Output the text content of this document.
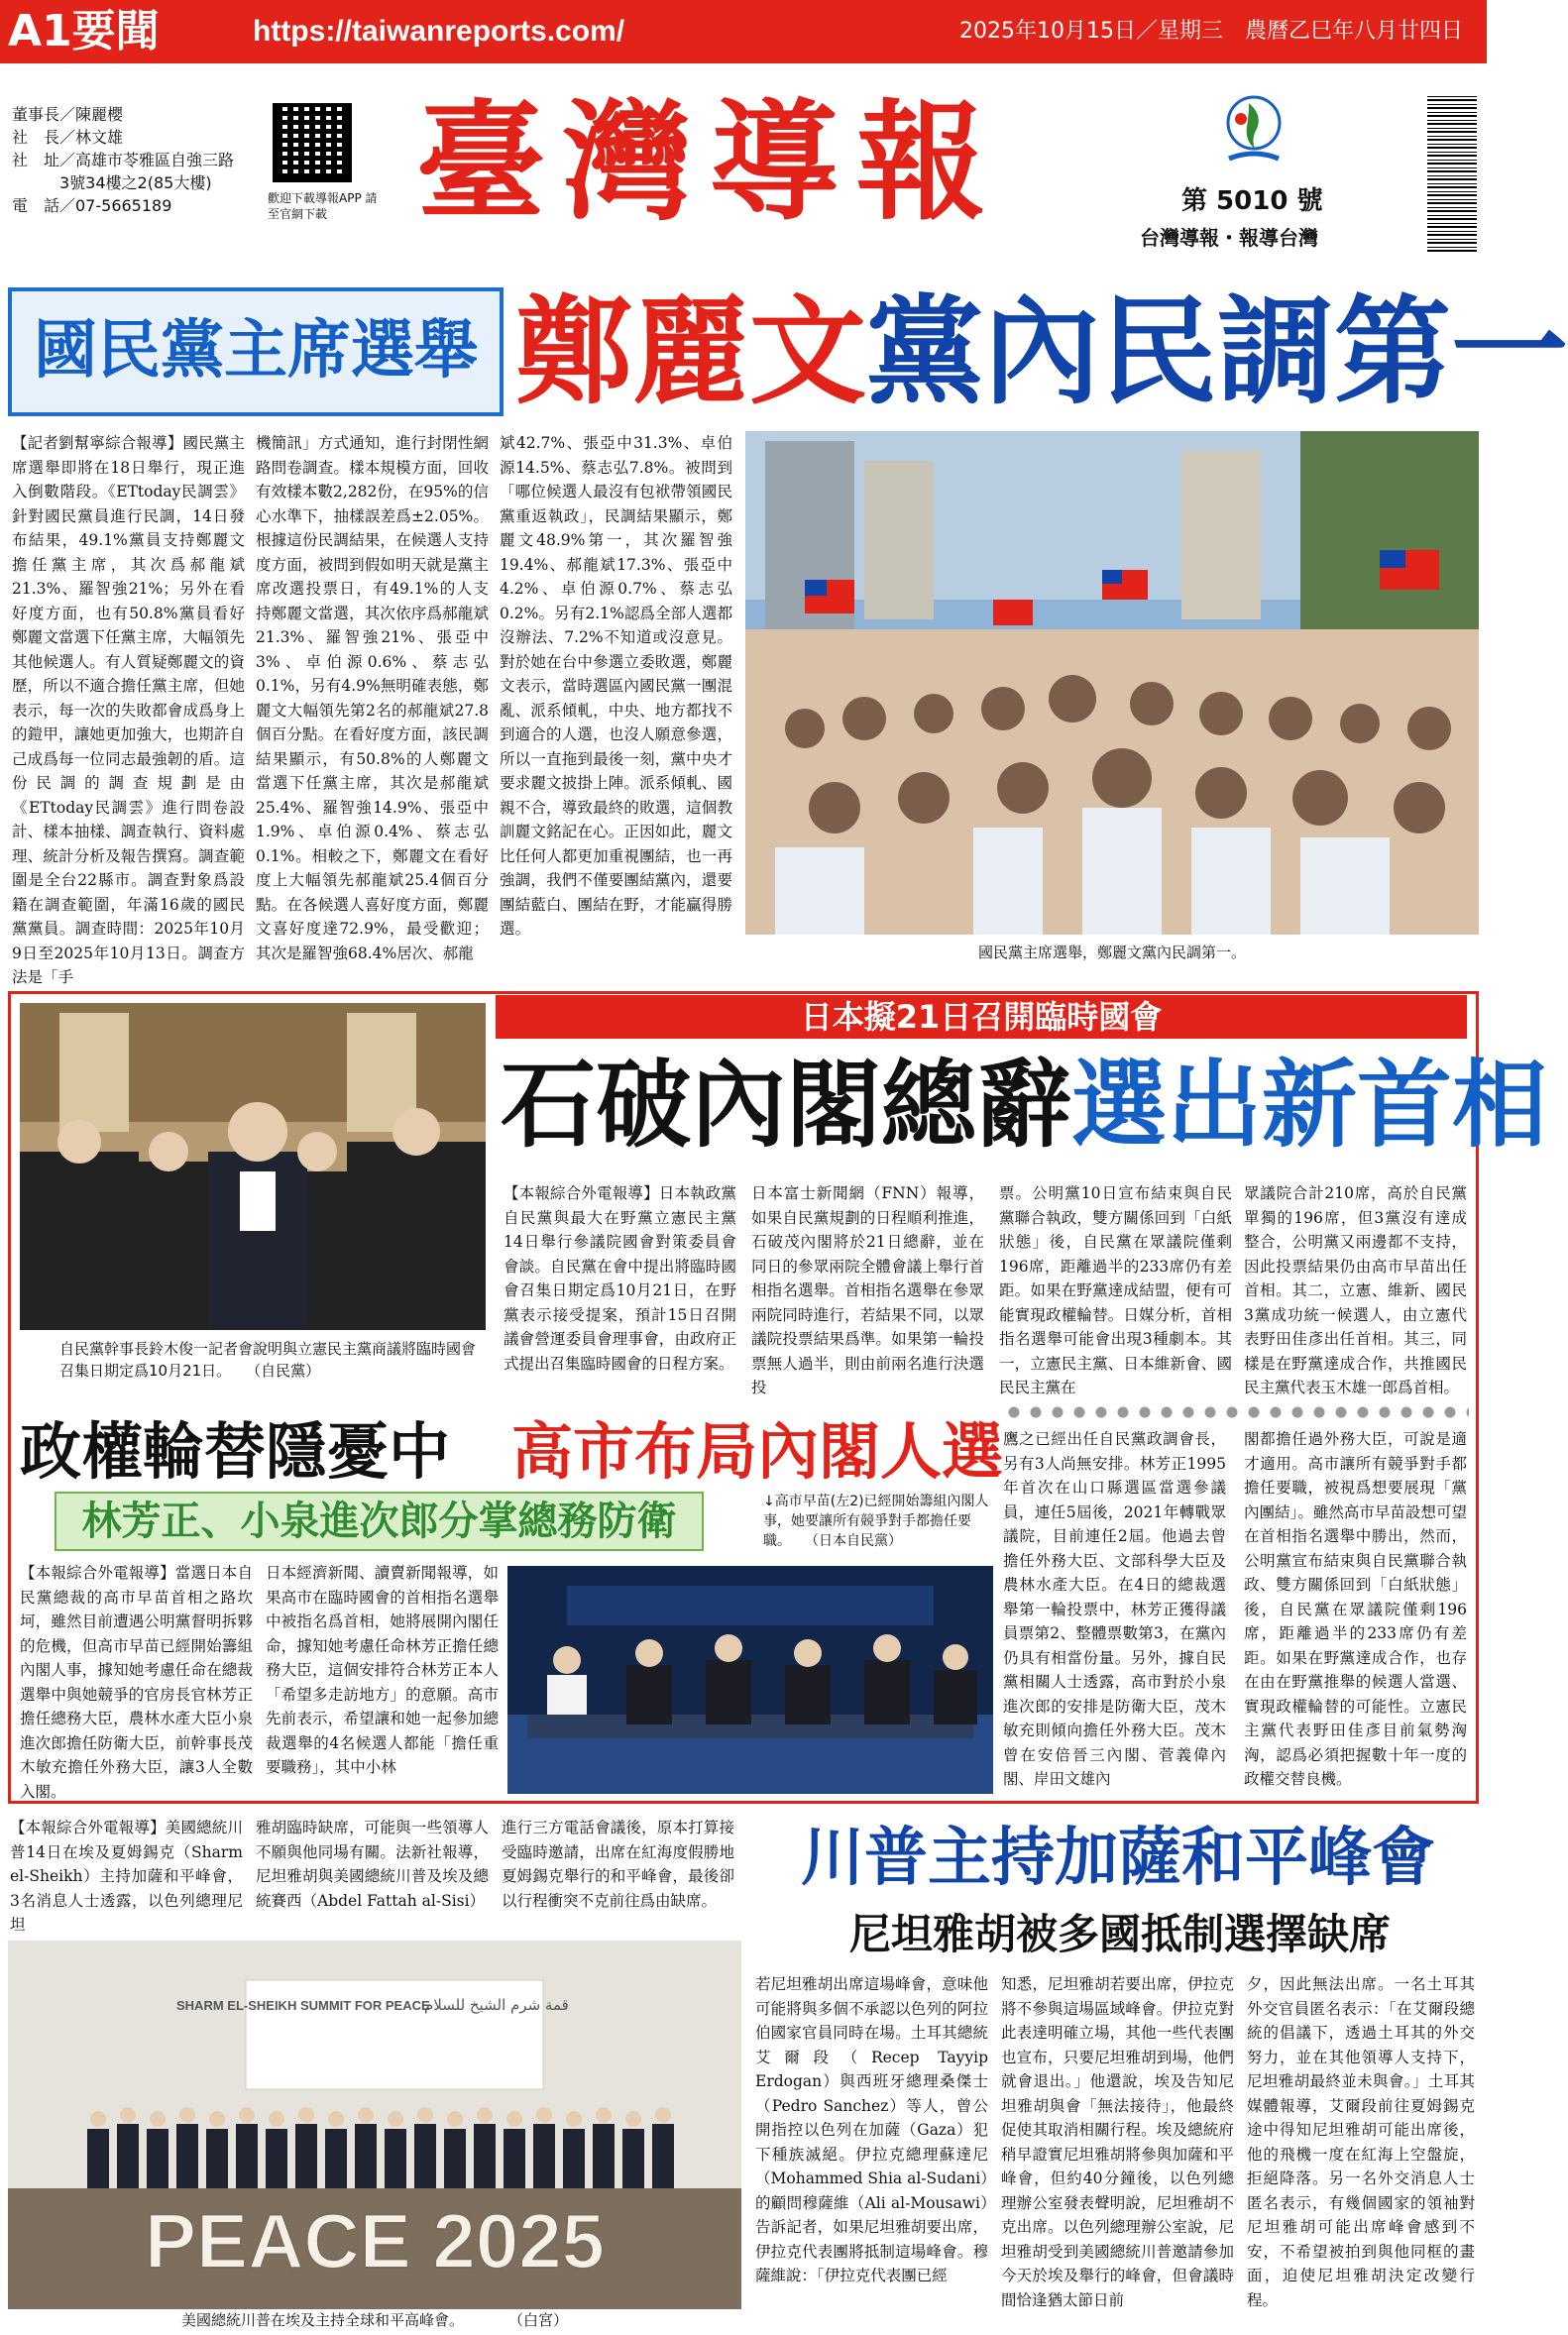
A1要聞	https://taiwanreports.com/	2025年10月15日／星期三　農曆乙巳年八月廿四日
董事長／陳麗櫻
社　長／林文雄
社　址／高雄市苓雅區自強三路
　　　3號34樓之2(85大樓)
電　話／07-5665189	歡迎下載導報APP 請至官網下載 臺灣導報	第 5010 號
台灣導報・報導台灣
國民黨主席選舉 鄭麗文黨內民調第一
【記者劉幫寧綜合報導】國民黨主席選舉即將在18日舉行，現正進入倒數階段。《ETtoday民調雲》針對國民黨員進行民調，14日發布結果，49.1%黨員支持鄭麗文擔任黨主席，其次爲郝龍斌21.3%、羅智強21%；另外在看好度方面，也有50.8%黨員看好鄭麗文當選下任黨主席，大幅領先其他候選人。有人質疑鄭麗文的資歷，所以不適合擔任黨主席，但她表示，每一次的失敗都會成爲身上的鎧甲，讓她更加強大，也期許自己成爲每一位同志最強韌的盾。這份民調的調查規劃是由《ETtoday民調雲》進行問卷設計、樣本抽樣、調查執行、資料處理、統計分析及報告撰寫。調查範圍是全台22縣市。調查對象爲設籍在調查範圍，年滿16歲的國民黨黨員。調查時間：2025年10月9日至2025年10月13日。調查方法是「手
機簡訊」方式通知，進行封閉性網路問卷調查。樣本規模方面，回收有效樣本數2,282份，在95%的信心水準下，抽樣誤差爲±2.05%。根據這份民調結果，在候選人支持度方面，被問到假如明天就是黨主席改選投票日，有49.1%的人支持鄭麗文當選，其次依序爲郝龍斌21.3%、羅智強21%、張亞中3%、卓伯源0.6%、蔡志弘0.1%，另有4.9%無明確表態，鄭麗文大幅領先第2名的郝龍斌27.8個百分點。在看好度方面，該民調結果顯示，有50.8%的人鄭麗文當選下任黨主席，其次是郝龍斌25.4%、羅智強14.9%、張亞中1.9%、卓伯源0.4%、蔡志弘0.1%。相較之下，鄭麗文在看好度上大幅領先郝龍斌25.4個百分點。在各候選人喜好度方面，鄭麗文喜好度達72.9%，最受歡迎；其次是羅智強68.4%居次、郝龍
斌42.7%、張亞中31.3%、卓伯源14.5%、蔡志弘7.8%。被問到「哪位候選人最沒有包袱帶領國民黨重返執政」，民調結果顯示，鄭麗文48.9%第一，其次羅智強19.4%、郝龍斌17.3%、張亞中4.2%、卓伯源0.7%、蔡志弘0.2%。另有2.1%認爲全部人選都沒辦法、7.2%不知道或沒意見。對於她在台中參選立委敗選，鄭麗文表示，當時選區內國民黨一團混亂、派系傾軋，中央、地方都找不到適合的人選，也沒人願意參選，所以一直拖到最後一刻，黨中央才要求麗文披掛上陣。派系傾軋、國親不合，導致最終的敗選，這個教訓麗文銘記在心。正因如此，麗文比任何人都更加重視團結，也一再強調，我們不僅要團結黨內，還要團結藍白、團結在野，才能贏得勝選。
國民黨主席選舉，鄭麗文黨內民調第一。
自民黨幹事長鈴木俊一記者會說明與立憲民主黨商議將臨時國會召集日期定爲10月21日。　　（自民黨）
日本擬21日召開臨時國會
石破內閣總辭選出新首相
【本報綜合外電報導】日本執政黨自民黨與最大在野黨立憲民主黨14日舉行參議院國會對策委員會會談。自民黨在會中提出將臨時國會召集日期定爲10月21日，在野黨表示接受提案，預計15日召開議會營運委員會理事會，由政府正式提出召集臨時國會的日程方案。
日本富士新聞網（FNN）報導，如果自民黨規劃的日程順利推進，石破茂內閣將於21日總辭，並在同日的參眾兩院全體會議上舉行首相指名選舉。首相指名選舉在參眾兩院同時進行，若結果不同，以眾議院投票結果爲準。如果第一輪投票無人過半，則由前兩名進行決選投
票。公明黨10日宣布結束與自民黨聯合執政，雙方關係回到「白紙狀態」後，自民黨在眾議院僅剩196席，距離過半的233席仍有差距。如果在野黨達成結盟，便有可能實現政權輪替。日媒分析，首相指名選舉可能會出現3種劇本。其一，立憲民主黨、日本維新會、國民民主黨在
眾議院合計210席，高於自民黨單獨的196席，但3黨沒有達成整合，公明黨又兩邊都不支持，因此投票結果仍由高市早苗出任首相。其二，立憲、維新、國民3黨成功統一候選人，由立憲代表野田佳彥出任首相。其三，同樣是在野黨達成合作，共推國民民主黨代表玉木雄一郎爲首相。
政權輪替隱憂中　 高市布局內閣人選
林芳正、小泉進次郎分掌總務防衛	↓高市早苗(左2)已經開始籌組內閣人事，她要讓所有競爭對手都擔任要職。　　（日本自民黨）
【本報綜合外電報導】當選日本自民黨總裁的高市早苗首相之路坎坷，雖然目前遭遇公明黨督明拆夥的危機，但高市早苗已經開始籌組內閣人事，據知她考慮任命在總裁選舉中與她競爭的官房長官林芳正擔任總務大臣，農林水產大臣小泉進次郎擔任防衛大臣，前幹事長茂木敏充擔任外務大臣，讓3人全數入閣。
日本經濟新聞、讀賣新聞報導，如果高市在臨時國會的首相指名選舉中被指名爲首相，她將展開內閣任命，據知她考慮任命林芳正擔任總務大臣，這個安排符合林芳正本人「希望多走訪地方」的意願。高市先前表示，希望讓和她一起參加總裁選舉的4名候選人都能「擔任重要職務」，其中小林
鷹之已經出任自民黨政調會長，另有3人尚無安排。林芳正1995年首次在山口縣選區當選參議員，連任5屆後，2021年轉戰眾議院，目前連任2屆。他過去曾擔任外務大臣、文部科學大臣及農林水產大臣。在4日的總裁選舉第一輪投票中，林芳正獲得議員票第2、整體票數第3，在黨內仍具有相當份量。另外，據自民黨相關人士透露，高市對於小泉進次郎的安排是防衛大臣，茂木敏充則傾向擔任外務大臣。茂木曾在安倍晉三內閣、菅義偉內閣、岸田文雄內
閣都擔任過外務大臣，可說是適才適用。高市讓所有競爭對手都擔任要職，被視爲想要展現「黨內團結」。雖然高市早苗設想可望在首相指名選舉中勝出，然而，公明黨宣布結束與自民黨聯合執政、雙方關係回到「白紙狀態」後，自民黨在眾議院僅剩196席，距離過半的233席仍有差距。如果在野黨達成合作，也存在由在野黨推舉的候選人當選、實現政權輪替的可能性。立憲民主黨代表野田佳彥目前氣勢洶洶，認爲必須把握數十年一度的政權交替良機。
【本報綜合外電報導】美國總統川普14日在埃及夏姆錫克（Sharm el-Sheikh）主持加薩和平峰會，3名消息人士透露，以色列總理尼坦
雅胡臨時缺席，可能與一些領導人不願與他同場有關。法新社報導，尼坦雅胡與美國總統川普及埃及總統賽西（Abdel Fattah al-Sisi）
進行三方電話會議後，原本打算接受臨時邀請，出席在紅海度假勝地夏姆錫克舉行的和平峰會，最後卻以行程衝突不克前往爲由缺席。
川普主持加薩和平峰會
尼坦雅胡被多國抵制選擇缺席
SHARM EL-SHEIKH SUMMIT FOR PEACE
قمة شرم الشيخ للسلام
PEACE 2025
美國總統川普在埃及主持全球和平高峰會。　　　　（白宮）
若尼坦雅胡出席這場峰會，意味他可能將與多個不承認以色列的阿拉伯國家官員同時在場。土耳其總統艾爾段（Recep Tayyip Erdogan）與西班牙總理桑傑士（Pedro Sanchez）等人，曾公開指控以色列在加薩（Gaza）犯下種族滅絕。伊拉克總理蘇達尼（Mohammed Shia al-Sudani）的顧問穆薩維（Ali al-Mousawi）告訴記者，如果尼坦雅胡要出席，伊拉克代表團將抵制這場峰會。穆薩維說：「伊拉克代表團已經
知悉，尼坦雅胡若要出席，伊拉克將不參與這場區域峰會。伊拉克對此表達明確立場，其他一些代表團也宣布，只要尼坦雅胡到場，他們就會退出。」他還說，埃及告知尼坦雅胡與會「無法接待」，他最終促使其取消相關行程。埃及總統府稍早證實尼坦雅胡將參與加薩和平峰會，但約40分鐘後，以色列總理辦公室發表聲明說，尼坦雅胡不克出席。以色列總理辦公室說，尼坦雅胡受到美國總統川普邀請參加今天於埃及舉行的峰會，但會議時間恰逢猶太節日前
夕，因此無法出席。一名土耳其外交官員匿名表示：「在艾爾段總統的倡議下，透過土耳其的外交努力，並在其他領導人支持下，尼坦雅胡最終並未與會。」土耳其媒體報導，艾爾段前往夏姆錫克途中得知尼坦雅胡可能出席後，他的飛機一度在紅海上空盤旋，拒絕降落。另一名外交消息人士匿名表示，有幾個國家的領袖對尼坦雅胡可能出席峰會感到不安，不希望被拍到與他同框的畫面，迫使尼坦雅胡決定改變行程。
